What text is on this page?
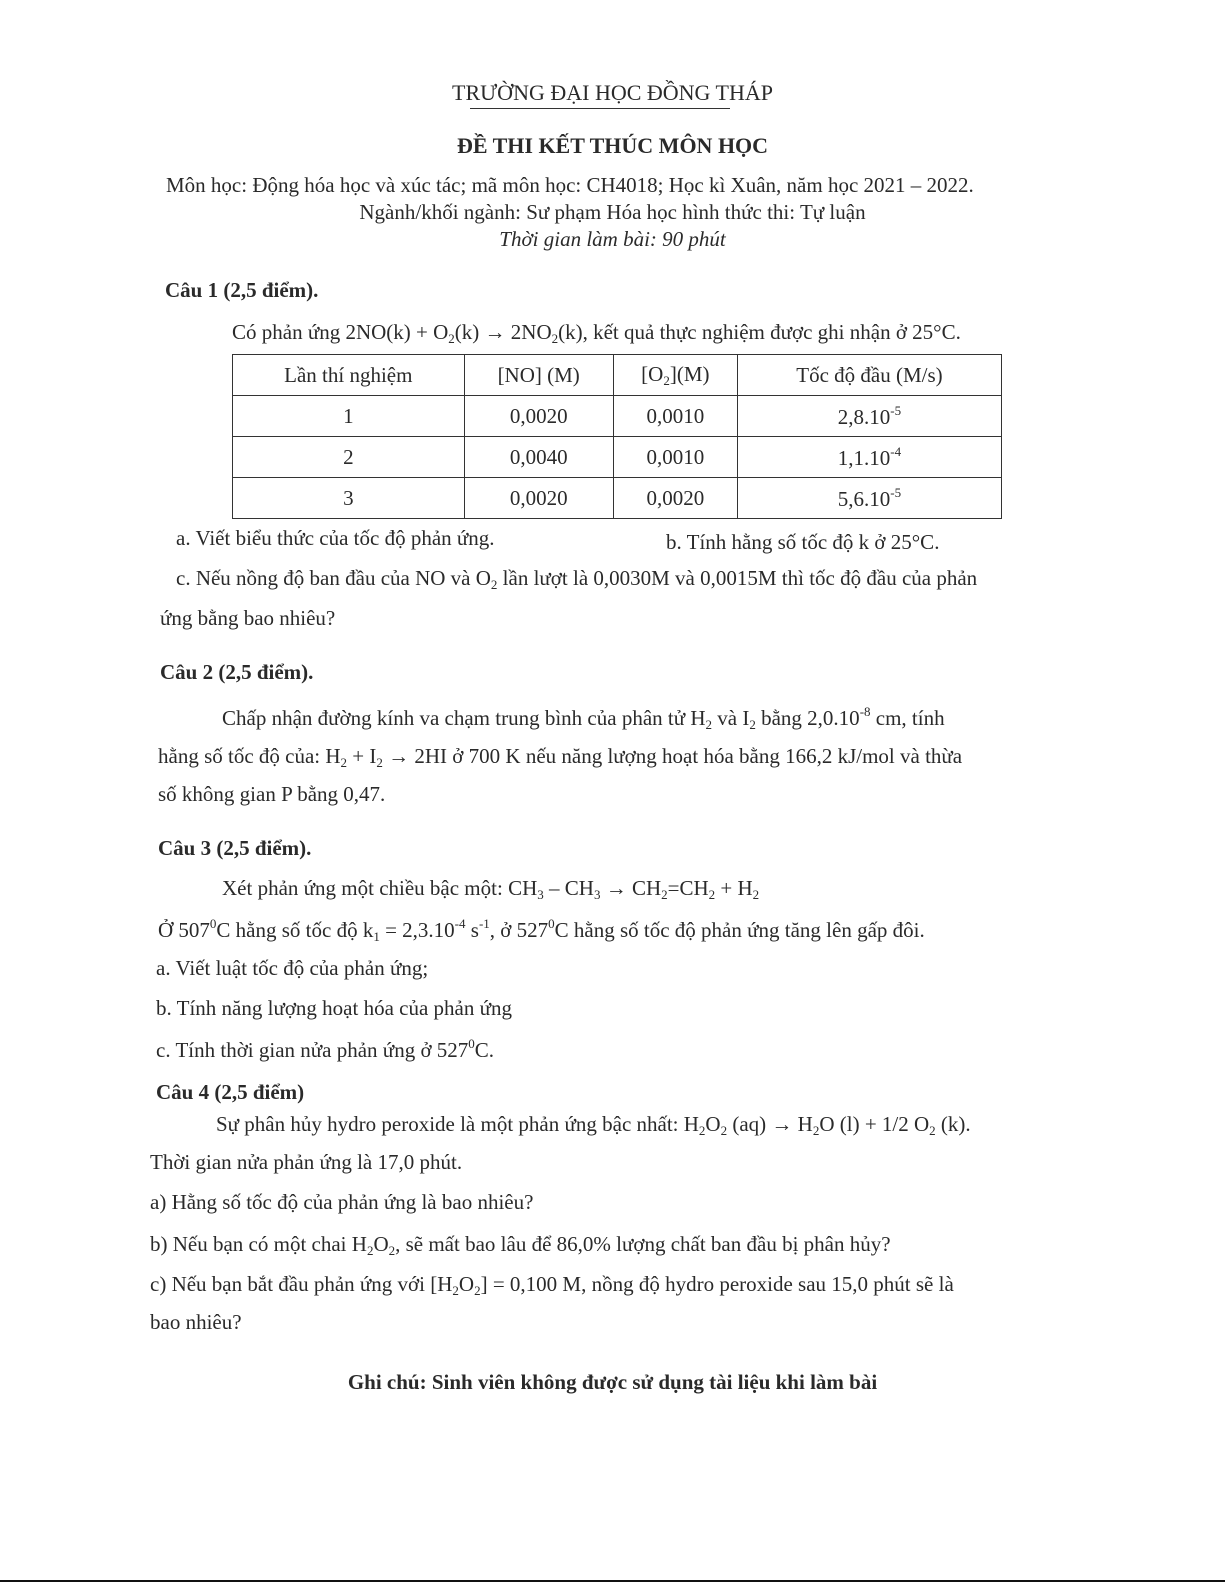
TRƯỜNG ĐẠI HỌC ĐỒNG THÁP
ĐỀ THI KẾT THÚC MÔN HỌC
Môn học: Động hóa học và xúc tác; mã môn học: CH4018; Học kì Xuân, năm học 2021 – 2022.
Ngành/khối ngành: Sư phạm Hóa học hình thức thi: Tự luận
Thời gian làm bài: 90 phút
Câu 1 (2,5 điểm).
Có phản ứng $2NO(k) + O_2(k) \to 2NO_2(k)$, kết quả thực nghiệm được ghi nhận ở 25°C.
Lần thí nghiệm	[NO] (M)	$[O_2](M)$	Tốc độ đầu (M/s)
1	0,0020	0,0010	$2,8.10^{-5}$
2	0,0040	0,0010	$1,1.10^{-4}$
3	0,0020	0,0020	$5,6.10^{-5}$
a. Viết biểu thức của tốc độ phản ứng.	b. Tính hằng số tốc độ k ở 25°C.
c. Nếu nồng độ ban đầu của NO và $O_2$ lần lượt là 0,0030M và 0,0015M thì tốc độ đầu của phản
ứng bằng bao nhiêu?
Câu 2 (2,5 điểm).
Chấp nhận đường kính va chạm trung bình của phân tử $H_2$ và $I_2$ bằng $2,0.10^{-8}$ cm, tính
hằng số tốc độ của: $H_2 + I_2 \to 2HI$ ở 700 K nếu năng lượng hoạt hóa bằng 166,2 kJ/mol và thừa
số không gian P bằng 0,47.
Câu 3 (2,5 điểm).
Xét phản ứng một chiều bậc một: $CH_3 - CH_3 \to CH_2=CH_2 + H_2$
Ở $507^0C$ hằng số tốc độ $k_1 = 2,3.10^{-4}$ $s^{-1}$, ở $527^0C$ hằng số tốc độ phản ứng tăng lên gấp đôi.
a. Viết luật tốc độ của phản ứng;
b. Tính năng lượng hoạt hóa của phản ứng
c. Tính thời gian nửa phản ứng ở $527^0C$.
Câu 4 (2,5 điểm)
Sự phân hủy hydro peroxide là một phản ứng bậc nhất: $H_2O_2$ $(aq) \to H_2O$ (l) + 1/2 $O_2$ (k).
Thời gian nửa phản ứng là 17,0 phút.
a) Hằng số tốc độ của phản ứng là bao nhiêu?
b) Nếu bạn có một chai $H_2O_2$, sẽ mất bao lâu để 86,0% lượng chất ban đầu bị phân hủy?
c) Nếu bạn bắt đầu phản ứng với $[H_2O_2] = 0,100$ M, nồng độ hydro peroxide sau 15,0 phút sẽ là
bao nhiêu?
Ghi chú: Sinh viên không được sử dụng tài liệu khi làm bài
